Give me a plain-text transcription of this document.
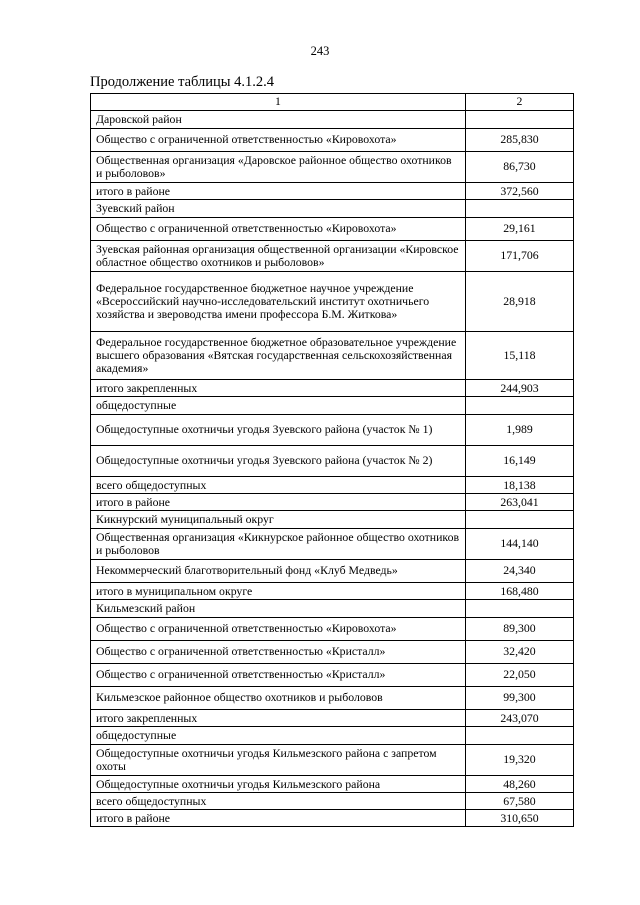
243
Продолжение таблицы 4.1.2.4
1	2
Даровской район	
Общество с ограниченной ответственностью «Кировохота»	285,830
Общественная организация «Даровское районное общество охотников и рыболовов»	86,730
итого в районе	372,560
Зуевский район	
Общество с ограниченной ответственностью «Кировохота»	29,161
Зуевская районная организация общественной организации «Кировское областное общество охотников и рыболовов»	171,706
Федеральное государственное бюджетное научное учреждение «Всероссийский научно-исследовательский институт охотничьего хозяйства и звероводства имени профессора Б.М. Житкова»	28,918
Федеральное государственное бюджетное образовательное учреждение высшего образования «Вятская государственная сельскохозяйственная академия»	15,118
итого закрепленных	244,903
общедоступные	
Общедоступные охотничьи угодья Зуевского района (участок № 1)	1,989
Общедоступные охотничьи угодья Зуевского района (участок № 2)	16,149
всего общедоступных	18,138
итого в районе	263,041
Кикнурский муниципальный округ	
Общественная организация «Кикнурское районное общество охотников и рыболовов	144,140
Некоммерческий благотворительный фонд «Клуб Медведь»	24,340
итого в муниципальном округе	168,480
Кильмезский район	
Общество с ограниченной ответственностью «Кировохота»	89,300
Общество с ограниченной ответственностью «Кристалл»	32,420
Общество с ограниченной ответственностью «Кристалл»	22,050
Кильмезское районное общество охотников и рыболовов	99,300
итого закрепленных	243,070
общедоступные	
Общедоступные охотничьи угодья Кильмезского района с запретом охоты	19,320
Общедоступные охотничьи угодья Кильмезского района	48,260
всего общедоступных	67,580
итого в районе	310,650
